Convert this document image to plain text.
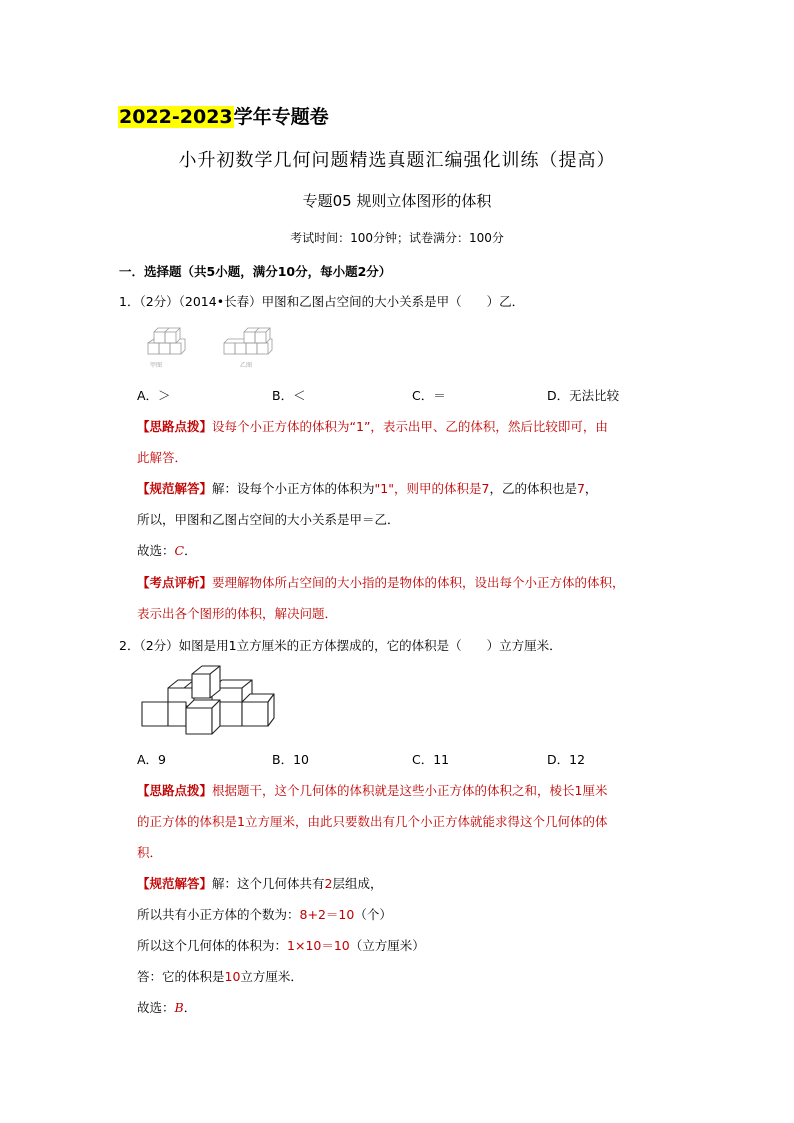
2022-2023学年专题卷
小升初数学几何问题精选真题汇编强化训练（提高）
专题05 规则立体图形的体积
考试时间：100分钟；试卷满分：100分
一．选择题（共5小题，满分10分，每小题2分）
1．（2分）（2014•长春）甲图和乙图占空间的大小关系是甲（　　）乙．
甲图	乙图
A．＞	B．＜	C．＝	D．无法比较
【思路点拨】设每个小正方体的体积为“1”，表示出甲、乙的体积，然后比较即可，由
此解答．
【规范解答】解：设每个小正方体的体积为"1"，则甲的体积是7，乙的体积也是7，
所以，甲图和乙图占空间的大小关系是甲＝乙．
故选：C．
【考点评析】要理解物体所占空间的大小指的是物体的体积，设出每个小正方体的体积，
表示出各个图形的体积，解决问题．
2．（2分）如图是用1立方厘米的正方体摆成的，它的体积是（　　）立方厘米．
A．9	B．10	C．11	D．12
【思路点拨】根据题干，这个几何体的体积就是这些小正方体的体积之和，棱长1厘米
的正方体的体积是1立方厘米，由此只要数出有几个小正方体就能求得这个几何体的体
积．
【规范解答】解：这个几何体共有2层组成，
所以共有小正方体的个数为：8+2＝10（个）
所以这个几何体的体积为：1×10＝10（立方厘米）
答：它的体积是10立方厘米．
故选：B．
